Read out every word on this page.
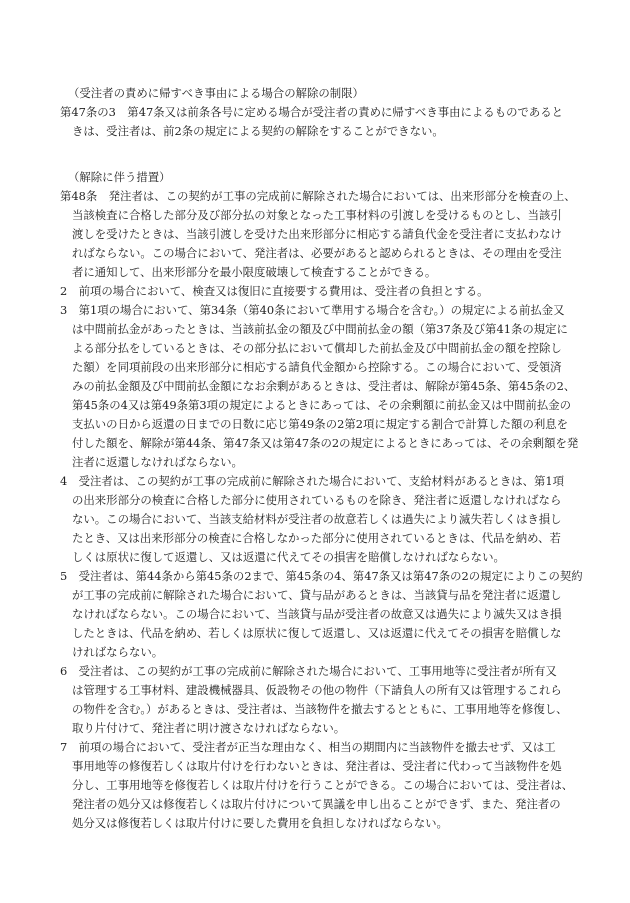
（受注者の責めに帰すべき事由による場合の解除の制限）
第47条の3　第47条又は前条各号に定める場合が受注者の責めに帰すべき事由によるものであると
きは、受注者は、前2条の規定による契約の解除をすることができない。
（解除に伴う措置）
第48条　発注者は、この契約が工事の完成前に解除された場合においては、出来形部分を検査の上、
当該検査に合格した部分及び部分払の対象となった工事材料の引渡しを受けるものとし、当該引
渡しを受けたときは、当該引渡しを受けた出来形部分に相応する請負代金を受注者に支払わなけ
ればならない。この場合において、発注者は、必要があると認められるときは、その理由を受注
者に通知して、出来形部分を最小限度破壊して検査することができる。
2　前項の場合において、検査又は復旧に直接要する費用は、受注者の負担とする。
3　第1項の場合において、第34条（第40条において準用する場合を含む。）の規定による前払金又
は中間前払金があったときは、当該前払金の額及び中間前払金の額（第37条及び第41条の規定に
よる部分払をしているときは、その部分払において償却した前払金及び中間前払金の額を控除し
た額）を同項前段の出来形部分に相応する請負代金額から控除する。この場合において、受領済
みの前払金額及び中間前払金額になお余剰があるときは、受注者は、解除が第45条、第45条の2、
第45条の4又は第49条第3項の規定によるときにあっては、その余剰額に前払金又は中間前払金の
支払いの日から返還の日までの日数に応じ第49条の2第2項に規定する割合で計算した額の利息を
付した額を、解除が第44条、第47条又は第47条の2の規定によるときにあっては、その余剰額を発
注者に返還しなければならない。
4　受注者は、この契約が工事の完成前に解除された場合において、支給材料があるときは、第1項
の出来形部分の検査に合格した部分に使用されているものを除き、発注者に返還しなければなら
ない。この場合において、当該支給材料が受注者の故意若しくは過失により滅失若しくはき損し
たとき、又は出来形部分の検査に合格しなかった部分に使用されているときは、代品を納め、若
しくは原状に復して返還し、又は返還に代えてその損害を賠償しなければならない。
5　受注者は、第44条から第45条の2まで、第45条の4、第47条又は第47条の2の規定によりこの契約
が工事の完成前に解除された場合において、貸与品があるときは、当該貸与品を発注者に返還し
なければならない。この場合において、当該貸与品が受注者の故意又は過失により滅失又はき損
したときは、代品を納め、若しくは原状に復して返還し、又は返還に代えてその損害を賠償しな
ければならない。
6　受注者は、この契約が工事の完成前に解除された場合において、工事用地等に受注者が所有又
は管理する工事材料、建設機械器具、仮設物その他の物件（下請負人の所有又は管理するこれら
の物件を含む。）があるときは、受注者は、当該物件を撤去するとともに、工事用地等を修復し、
取り片付けて、発注者に明け渡さなければならない。
7　前項の場合において、受注者が正当な理由なく、相当の期間内に当該物件を撤去せず、又は工
事用地等の修復若しくは取片付けを行わないときは、発注者は、受注者に代わって当該物件を処
分し、工事用地等を修復若しくは取片付けを行うことができる。この場合においては、受注者は、
発注者の処分又は修復若しくは取片付けについて異議を申し出ることができず、また、発注者の
処分又は修復若しくは取片付けに要した費用を負担しなければならない。
